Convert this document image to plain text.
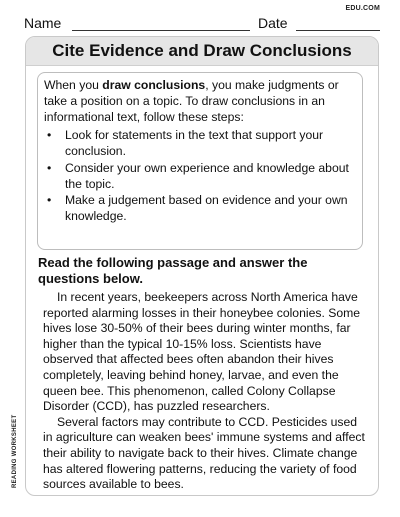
EDU.COM
Name	Date
Cite Evidence and Draw Conclusions

When you draw conclusions, you make judgments or take a position on a topic. To draw conclusions in an informational text, follow these steps:

• Look for statements in the text that support your conclusion.
• Consider your own experience and knowledge about the topic.
• Make a judgement based on evidence and your own knowledge.
Read the following passage and answer the questions below.

In recent years, beekeepers across North America have reported alarming losses in their honeybee colonies. Some hives lose 30-50% of their bees during winter months, far higher than the typical 10-15% loss. Scientists have observed that affected bees often abandon their hives completely, leaving behind honey, larvae, and even the queen bee. This phenomenon, called Colony Collapse Disorder (CCD), has puzzled researchers.

Several factors may contribute to CCD. Pesticides used in agriculture can weaken bees' immune systems and affect their ability to navigate back to their hives. Climate change has altered flowering patterns, reducing the variety of food sources available to bees.

READING WORKSHEET
